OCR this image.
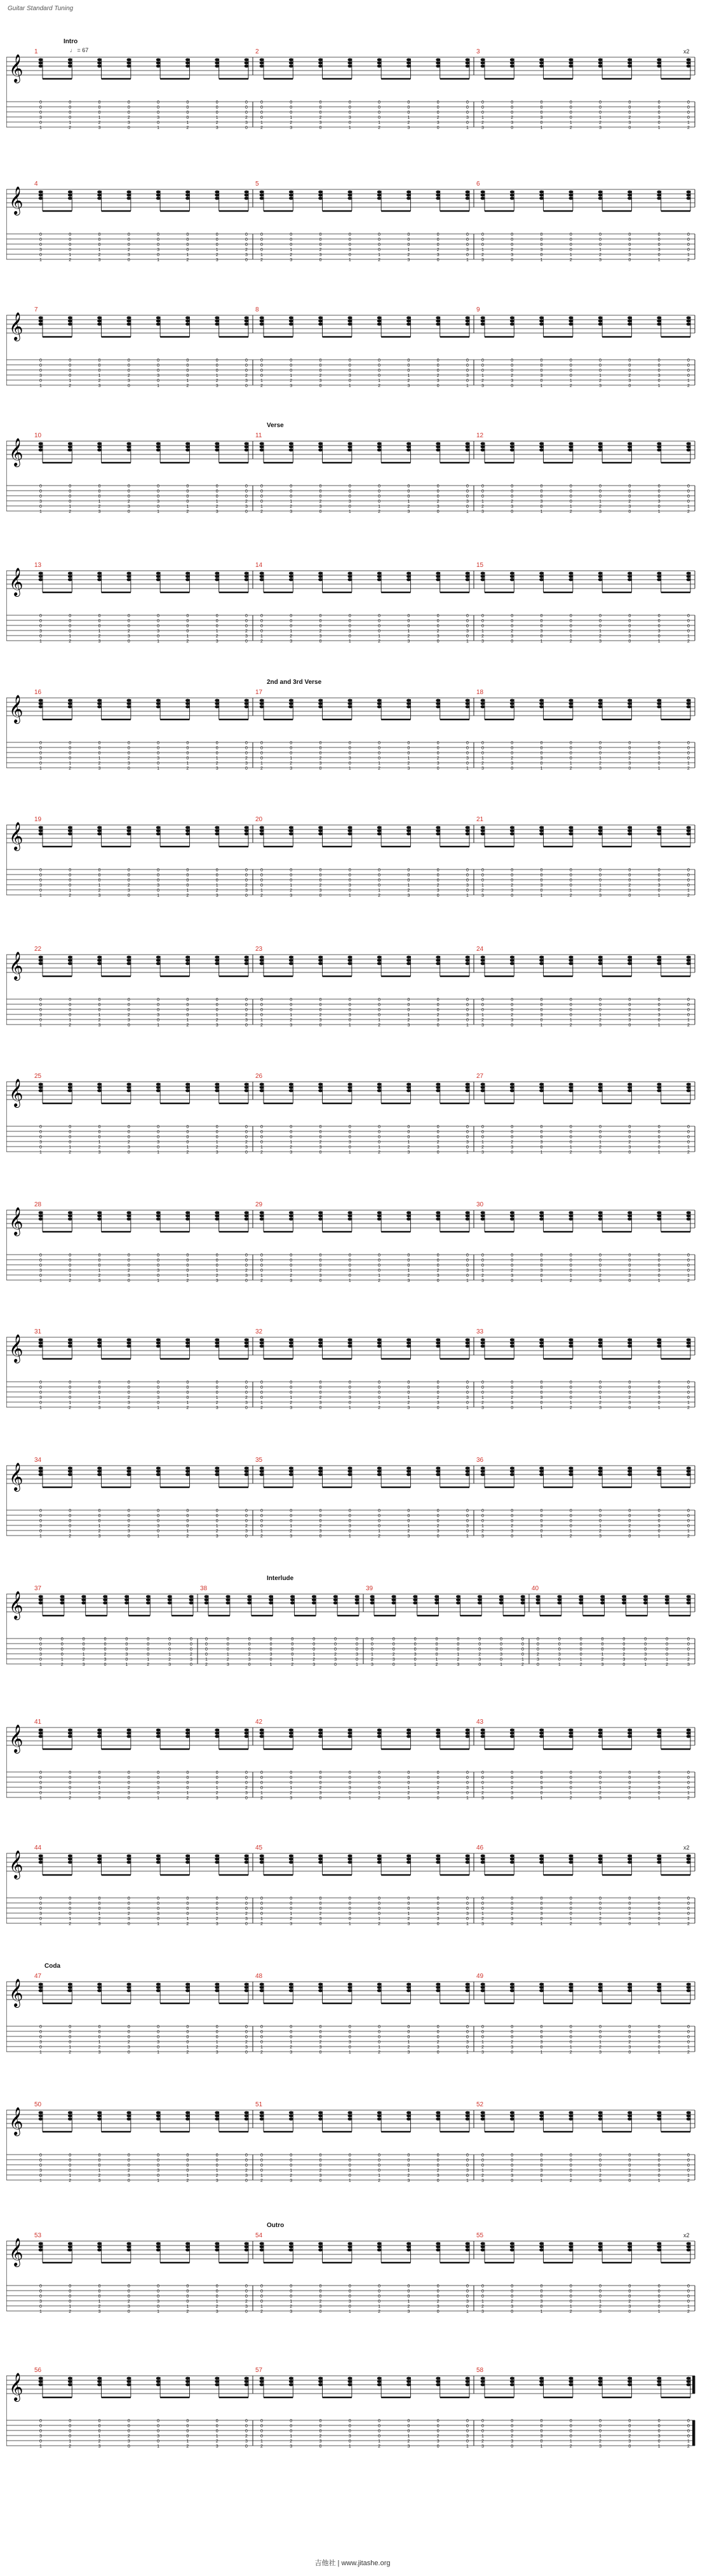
Guitar Standard Tuning
Intro
♩ = 67
𝄞
1
0
0
0
3
0
1
0
0
0
0
1
2
0
0
0
1
2
3
0
0
0
2
3
0
0
0
0
3
0
1
0
0
0
0
1
2
0
0
0
1
2
3
0
0
0
2
3
0
2
0
0
0
0
1
2
0
0
0
1
2
3
0
0
0
2
3
0
0
0
0
3
0
1
0
0
0
0
1
2
0
0
0
1
2
3
0
0
0
2
3
0
0
0
0
3
0
1
3
0
0
0
1
2
3
0
0
0
2
3
0
0
0
0
3
0
1
0
0
0
0
1
2
0
0
0
1
2
3
0
0
0
2
3
0
0
0
0
3
0
1
0
0
0
0
1
2
x2
𝄞
4
0
0
0
3
0
1
0
0
0
0
1
2
0
0
0
1
2
3
0
0
0
2
3
0
0
0
0
3
0
1
0
0
0
0
1
2
0
0
0
1
2
3
0
0
0
2
3
0
5
0
0
0
0
1
2
0
0
0
1
2
3
0
0
0
2
3
0
0
0
0
3
0
1
0
0
0
0
1
2
0
0
0
1
2
3
0
0
0
2
3
0
0
0
0
3
0
1
6
0
0
0
1
2
3
0
0
0
2
3
0
0
0
0
3
0
1
0
0
0
0
1
2
0
0
0
1
2
3
0
0
0
2
3
0
0
0
0
3
0
1
0
0
0
0
1
2
𝄞
7
0
0
0
3
0
1
0
0
0
0
1
2
0
0
0
1
2
3
0
0
0
2
3
0
0
0
0
3
0
1
0
0
0
0
1
2
0
0
0
1
2
3
0
0
0
2
3
0
8
0
0
0
0
1
2
0
0
0
1
2
3
0
0
0
2
3
0
0
0
0
3
0
1
0
0
0
0
1
2
0
0
0
1
2
3
0
0
0
2
3
0
0
0
0
3
0
1
9
0
0
0
1
2
3
0
0
0
2
3
0
0
0
0
3
0
1
0
0
0
0
1
2
0
0
0
1
2
3
0
0
0
2
3
0
0
0
0
3
0
1
0
0
0
0
1
2
Verse
𝄞
10
0
0
0
3
0
1
0
0
0
0
1
2
0
0
0
1
2
3
0
0
0
2
3
0
0
0
0
3
0
1
0
0
0
0
1
2
0
0
0
1
2
3
0
0
0
2
3
0
11
0
0
0
0
1
2
0
0
0
1
2
3
0
0
0
2
3
0
0
0
0
3
0
1
0
0
0
0
1
2
0
0
0
1
2
3
0
0
0
2
3
0
0
0
0
3
0
1
12
0
0
0
1
2
3
0
0
0
2
3
0
0
0
0
3
0
1
0
0
0
0
1
2
0
0
0
1
2
3
0
0
0
2
3
0
0
0
0
3
0
1
0
0
0
0
1
2
𝄞
13
0
0
0
3
0
1
0
0
0
0
1
2
0
0
0
1
2
3
0
0
0
2
3
0
0
0
0
3
0
1
0
0
0
0
1
2
0
0
0
1
2
3
0
0
0
2
3
0
14
0
0
0
0
1
2
0
0
0
1
2
3
0
0
0
2
3
0
0
0
0
3
0
1
0
0
0
0
1
2
0
0
0
1
2
3
0
0
0
2
3
0
0
0
0
3
0
1
15
0
0
0
1
2
3
0
0
0
2
3
0
0
0
0
3
0
1
0
0
0
0
1
2
0
0
0
1
2
3
0
0
0
2
3
0
0
0
0
3
0
1
0
0
0
0
1
2
2nd and 3rd Verse
𝄞
16
0
0
0
3
0
1
0
0
0
0
1
2
0
0
0
1
2
3
0
0
0
2
3
0
0
0
0
3
0
1
0
0
0
0
1
2
0
0
0
1
2
3
0
0
0
2
3
0
17
0
0
0
0
1
2
0
0
0
1
2
3
0
0
0
2
3
0
0
0
0
3
0
1
0
0
0
0
1
2
0
0
0
1
2
3
0
0
0
2
3
0
0
0
0
3
0
1
18
0
0
0
1
2
3
0
0
0
2
3
0
0
0
0
3
0
1
0
0
0
0
1
2
0
0
0
1
2
3
0
0
0
2
3
0
0
0
0
3
0
1
0
0
0
0
1
2
𝄞
19
0
0
0
3
0
1
0
0
0
0
1
2
0
0
0
1
2
3
0
0
0
2
3
0
0
0
0
3
0
1
0
0
0
0
1
2
0
0
0
1
2
3
0
0
0
2
3
0
20
0
0
0
0
1
2
0
0
0
1
2
3
0
0
0
2
3
0
0
0
0
3
0
1
0
0
0
0
1
2
0
0
0
1
2
3
0
0
0
2
3
0
0
0
0
3
0
1
21
0
0
0
1
2
3
0
0
0
2
3
0
0
0
0
3
0
1
0
0
0
0
1
2
0
0
0
1
2
3
0
0
0
2
3
0
0
0
0
3
0
1
0
0
0
0
1
2
𝄞
22
0
0
0
3
0
1
0
0
0
0
1
2
0
0
0
1
2
3
0
0
0
2
3
0
0
0
0
3
0
1
0
0
0
0
1
2
0
0
0
1
2
3
0
0
0
2
3
0
23
0
0
0
0
1
2
0
0
0
1
2
3
0
0
0
2
3
0
0
0
0
3
0
1
0
0
0
0
1
2
0
0
0
1
2
3
0
0
0
2
3
0
0
0
0
3
0
1
24
0
0
0
1
2
3
0
0
0
2
3
0
0
0
0
3
0
1
0
0
0
0
1
2
0
0
0
1
2
3
0
0
0
2
3
0
0
0
0
3
0
1
0
0
0
0
1
2
𝄞
25
0
0
0
3
0
1
0
0
0
0
1
2
0
0
0
1
2
3
0
0
0
2
3
0
0
0
0
3
0
1
0
0
0
0
1
2
0
0
0
1
2
3
0
0
0
2
3
0
26
0
0
0
0
1
2
0
0
0
1
2
3
0
0
0
2
3
0
0
0
0
3
0
1
0
0
0
0
1
2
0
0
0
1
2
3
0
0
0
2
3
0
0
0
0
3
0
1
27
0
0
0
1
2
3
0
0
0
2
3
0
0
0
0
3
0
1
0
0
0
0
1
2
0
0
0
1
2
3
0
0
0
2
3
0
0
0
0
3
0
1
0
0
0
0
1
2
𝄞
28
0
0
0
3
0
1
0
0
0
0
1
2
0
0
0
1
2
3
0
0
0
2
3
0
0
0
0
3
0
1
0
0
0
0
1
2
0
0
0
1
2
3
0
0
0
2
3
0
29
0
0
0
0
1
2
0
0
0
1
2
3
0
0
0
2
3
0
0
0
0
3
0
1
0
0
0
0
1
2
0
0
0
1
2
3
0
0
0
2
3
0
0
0
0
3
0
1
30
0
0
0
1
2
3
0
0
0
2
3
0
0
0
0
3
0
1
0
0
0
0
1
2
0
0
0
1
2
3
0
0
0
2
3
0
0
0
0
3
0
1
0
0
0
0
1
2
𝄞
31
0
0
0
3
0
1
0
0
0
0
1
2
0
0
0
1
2
3
0
0
0
2
3
0
0
0
0
3
0
1
0
0
0
0
1
2
0
0
0
1
2
3
0
0
0
2
3
0
32
0
0
0
0
1
2
0
0
0
1
2
3
0
0
0
2
3
0
0
0
0
3
0
1
0
0
0
0
1
2
0
0
0
1
2
3
0
0
0
2
3
0
0
0
0
3
0
1
33
0
0
0
1
2
3
0
0
0
2
3
0
0
0
0
3
0
1
0
0
0
0
1
2
0
0
0
1
2
3
0
0
0
2
3
0
0
0
0
3
0
1
0
0
0
0
1
2
𝄞
34
0
0
0
3
0
1
0
0
0
0
1
2
0
0
0
1
2
3
0
0
0
2
3
0
0
0
0
3
0
1
0
0
0
0
1
2
0
0
0
1
2
3
0
0
0
2
3
0
35
0
0
0
0
1
2
0
0
0
1
2
3
0
0
0
2
3
0
0
0
0
3
0
1
0
0
0
0
1
2
0
0
0
1
2
3
0
0
0
2
3
0
0
0
0
3
0
1
36
0
0
0
1
2
3
0
0
0
2
3
0
0
0
0
3
0
1
0
0
0
0
1
2
0
0
0
1
2
3
0
0
0
2
3
0
0
0
0
3
0
1
0
0
0
0
1
2
Interlude
𝄞
37
0
0
0
3
0
1
0
0
0
0
1
2
0
0
0
1
2
3
0
0
0
2
3
0
0
0
0
3
0
1
0
0
0
0
1
2
0
0
0
1
2
3
0
0
0
2
3
0
38
0
0
0
0
1
2
0
0
0
1
2
3
0
0
0
2
3
0
0
0
0
3
0
1
0
0
0
0
1
2
0
0
0
1
2
3
0
0
0
2
3
0
0
0
0
3
0
1
39
0
0
0
1
2
3
0
0
0
2
3
0
0
0
0
3
0
1
0
0
0
0
1
2
0
0
0
1
2
3
0
0
0
2
3
0
0
0
0
3
0
1
0
0
0
0
1
2
40
0
0
0
2
3
0
0
0
0
3
0
1
0
0
0
0
1
2
0
0
0
1
2
3
0
0
0
2
3
0
0
0
0
3
0
1
0
0
0
0
1
2
0
0
0
1
2
3
𝄞
41
0
0
0
3
0
1
0
0
0
0
1
2
0
0
0
1
2
3
0
0
0
2
3
0
0
0
0
3
0
1
0
0
0
0
1
2
0
0
0
1
2
3
0
0
0
2
3
0
42
0
0
0
0
1
2
0
0
0
1
2
3
0
0
0
2
3
0
0
0
0
3
0
1
0
0
0
0
1
2
0
0
0
1
2
3
0
0
0
2
3
0
0
0
0
3
0
1
43
0
0
0
1
2
3
0
0
0
2
3
0
0
0
0
3
0
1
0
0
0
0
1
2
0
0
0
1
2
3
0
0
0
2
3
0
0
0
0
3
0
1
0
0
0
0
1
2
𝄞
44
0
0
0
3
0
1
0
0
0
0
1
2
0
0
0
1
2
3
0
0
0
2
3
0
0
0
0
3
0
1
0
0
0
0
1
2
0
0
0
1
2
3
0
0
0
2
3
0
45
0
0
0
0
1
2
0
0
0
1
2
3
0
0
0
2
3
0
0
0
0
3
0
1
0
0
0
0
1
2
0
0
0
1
2
3
0
0
0
2
3
0
0
0
0
3
0
1
46
0
0
0
1
2
3
0
0
0
2
3
0
0
0
0
3
0
1
0
0
0
0
1
2
0
0
0
1
2
3
0
0
0
2
3
0
0
0
0
3
0
1
0
0
0
0
1
2
x2
Coda
𝄞
47
0
0
0
3
0
1
0
0
0
0
1
2
0
0
0
1
2
3
0
0
0
2
3
0
0
0
0
3
0
1
0
0
0
0
1
2
0
0
0
1
2
3
0
0
0
2
3
0
48
0
0
0
0
1
2
0
0
0
1
2
3
0
0
0
2
3
0
0
0
0
3
0
1
0
0
0
0
1
2
0
0
0
1
2
3
0
0
0
2
3
0
0
0
0
3
0
1
49
0
0
0
1
2
3
0
0
0
2
3
0
0
0
0
3
0
1
0
0
0
0
1
2
0
0
0
1
2
3
0
0
0
2
3
0
0
0
0
3
0
1
0
0
0
0
1
2
𝄞
50
0
0
0
3
0
1
0
0
0
0
1
2
0
0
0
1
2
3
0
0
0
2
3
0
0
0
0
3
0
1
0
0
0
0
1
2
0
0
0
1
2
3
0
0
0
2
3
0
51
0
0
0
0
1
2
0
0
0
1
2
3
0
0
0
2
3
0
0
0
0
3
0
1
0
0
0
0
1
2
0
0
0
1
2
3
0
0
0
2
3
0
0
0
0
3
0
1
52
0
0
0
1
2
3
0
0
0
2
3
0
0
0
0
3
0
1
0
0
0
0
1
2
0
0
0
1
2
3
0
0
0
2
3
0
0
0
0
3
0
1
0
0
0
0
1
2
Outro
𝄞
53
0
0
0
3
0
1
0
0
0
0
1
2
0
0
0
1
2
3
0
0
0
2
3
0
0
0
0
3
0
1
0
0
0
0
1
2
0
0
0
1
2
3
0
0
0
2
3
0
54
0
0
0
0
1
2
0
0
0
1
2
3
0
0
0
2
3
0
0
0
0
3
0
1
0
0
0
0
1
2
0
0
0
1
2
3
0
0
0
2
3
0
0
0
0
3
0
1
55
0
0
0
1
2
3
0
0
0
2
3
0
0
0
0
3
0
1
0
0
0
0
1
2
0
0
0
1
2
3
0
0
0
2
3
0
0
0
0
3
0
1
0
0
0
0
1
2
x2
𝄞
56
0
0
0
3
0
1
0
0
0
0
1
2
0
0
0
1
2
3
0
0
0
2
3
0
0
0
0
3
0
1
0
0
0
0
1
2
0
0
0
1
2
3
0
0
0
2
3
0
57
0
0
0
0
1
2
0
0
0
1
2
3
0
0
0
2
3
0
0
0
0
3
0
1
0
0
0
0
1
2
0
0
0
1
2
3
0
0
0
2
3
0
0
0
0
3
0
1
58
0
0
0
1
2
3
0
0
0
2
3
0
0
0
0
3
0
1
0
0
0
0
1
2
0
0
0
1
2
3
0
0
0
2
3
0
0
0
0
3
0
1
0
0
0
0
1
2
吉他社 | www.jitashe.org
